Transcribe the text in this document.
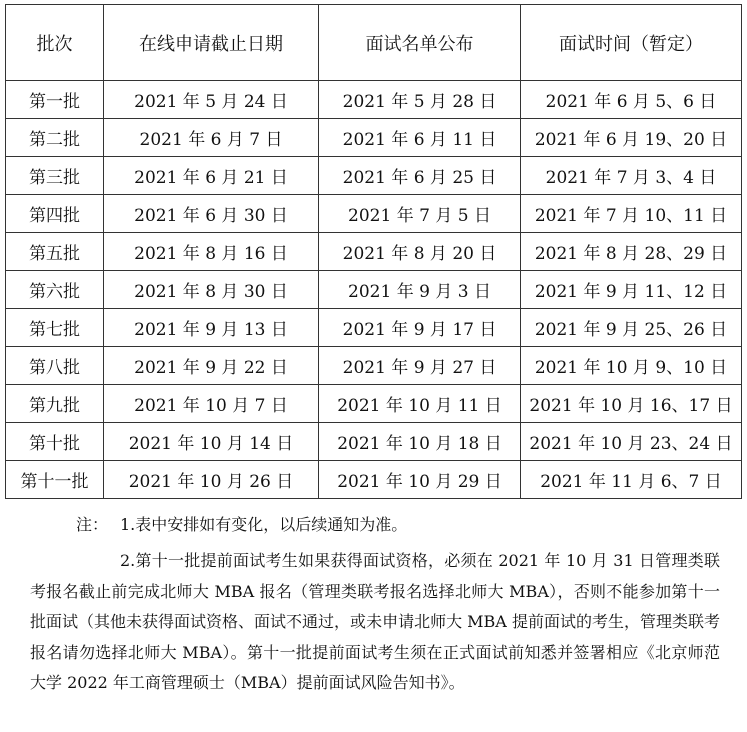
批次	在线申请截止日期	面试名单公布	面试时间（暂定）
第一批	2021 年 5 月 24 日	2021 年 5 月 28 日	2021 年 6 月 5、6 日
第二批	2021 年 6 月 7 日	2021 年 6 月 11 日	2021 年 6 月 19、20 日
第三批	2021 年 6 月 21 日	2021 年 6 月 25 日	2021 年 7 月 3、4 日
第四批	2021 年 6 月 30 日	2021 年 7 月 5 日	2021 年 7 月 10、11 日
第五批	2021 年 8 月 16 日	2021 年 8 月 20 日	2021 年 8 月 28、29 日
第六批	2021 年 8 月 30 日	2021 年 9 月 3 日	2021 年 9 月 11、12 日
第七批	2021 年 9 月 13 日	2021 年 9 月 17 日	2021 年 9 月 25、26 日
第八批	2021 年 9 月 22 日	2021 年 9 月 27 日	2021 年 10 月 9、10 日
第九批	2021 年 10 月 7 日	2021 年 10 月 11 日	2021 年 10 月 16、17 日
第十批	2021 年 10 月 14 日	2021 年 10 月 18 日	2021 年 10 月 23、24 日
第十一批	2021 年 10 月 26 日	2021 年 10 月 29 日	2021 年 11 月 6、7 日

注： 1.表中安排如有变化，以后续通知为准。

2.第十一批提前面试考生如果获得面试资格，必须在 2021 年 10 月 31 日管理类联考报名截止前完成北师大 MBA 报名（管理类联考报名选择北师大 MBA），否则不能参加第十一批面试（其他未获得面试资格、面试不通过，或未申请北师大 MBA 提前面试的考生，管理类联考报名请勿选择北师大 MBA）。第十一批提前面试考生须在正式面试前知悉并签署相应《北京师范大学 2022 年工商管理硕士（MBA）提前面试风险告知书》。
